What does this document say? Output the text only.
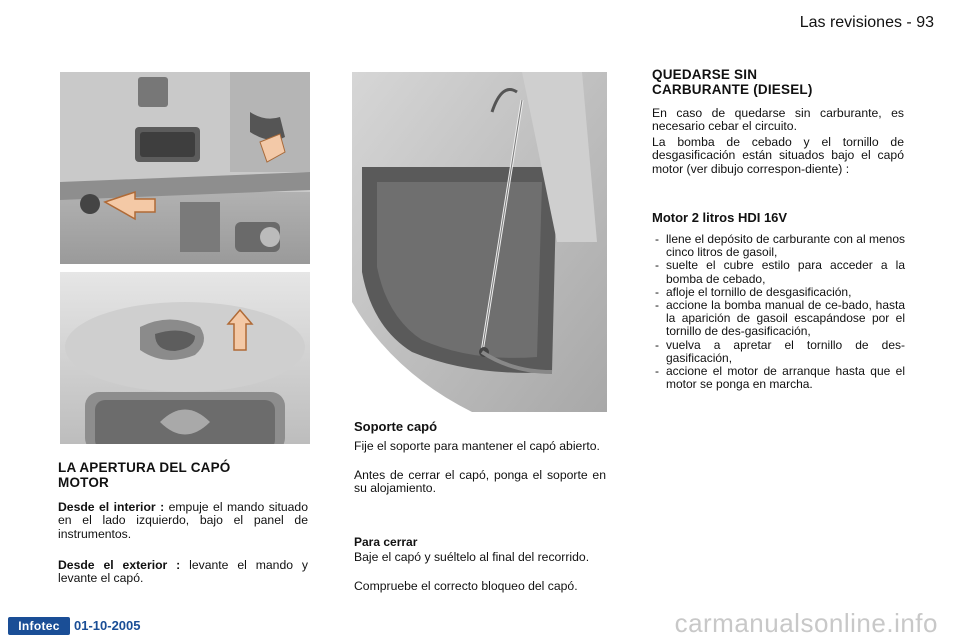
Las revisiones - 93
LA APERTURA DEL CAPÓ MOTOR

Desde el interior : empuje el mando situado en el lado izquierdo, bajo el panel de instrumentos.

Desde el exterior : levante el mando y levante el capó.

Soporte capó

Fije el soporte para mantener el capó abierto.

Antes de cerrar el capó, ponga el soporte en su alojamiento.

Para cerrar

Baje el capó y suéltelo al final del recorrido.

Compruebe el correcto bloqueo del capó.

QUEDARSE SIN CARBURANTE (DIESEL)

En caso de quedarse sin carburante, es necesario cebar el circuito.

La bomba de cebado y el tornillo de desgasificación están situados bajo el capó motor (ver dibujo correspon-diente) :

Motor 2 litros HDI 16V
- llene el depósito de carburante con al menos cinco litros de gasoil,
- suelte el cubre estilo para acceder a la bomba de cebado,
- afloje el tornillo de desgasificación,
- accione la bomba manual de ce-bado, hasta la aparición de gasoil escapándose por el tornillo de des-gasificación,
- vuelva a apretar el tornillo de des-gasificación,
- accione el motor de arranque hasta que el motor se ponga en marcha.
Infotec	01-10-2005	carmanualsonline.info
